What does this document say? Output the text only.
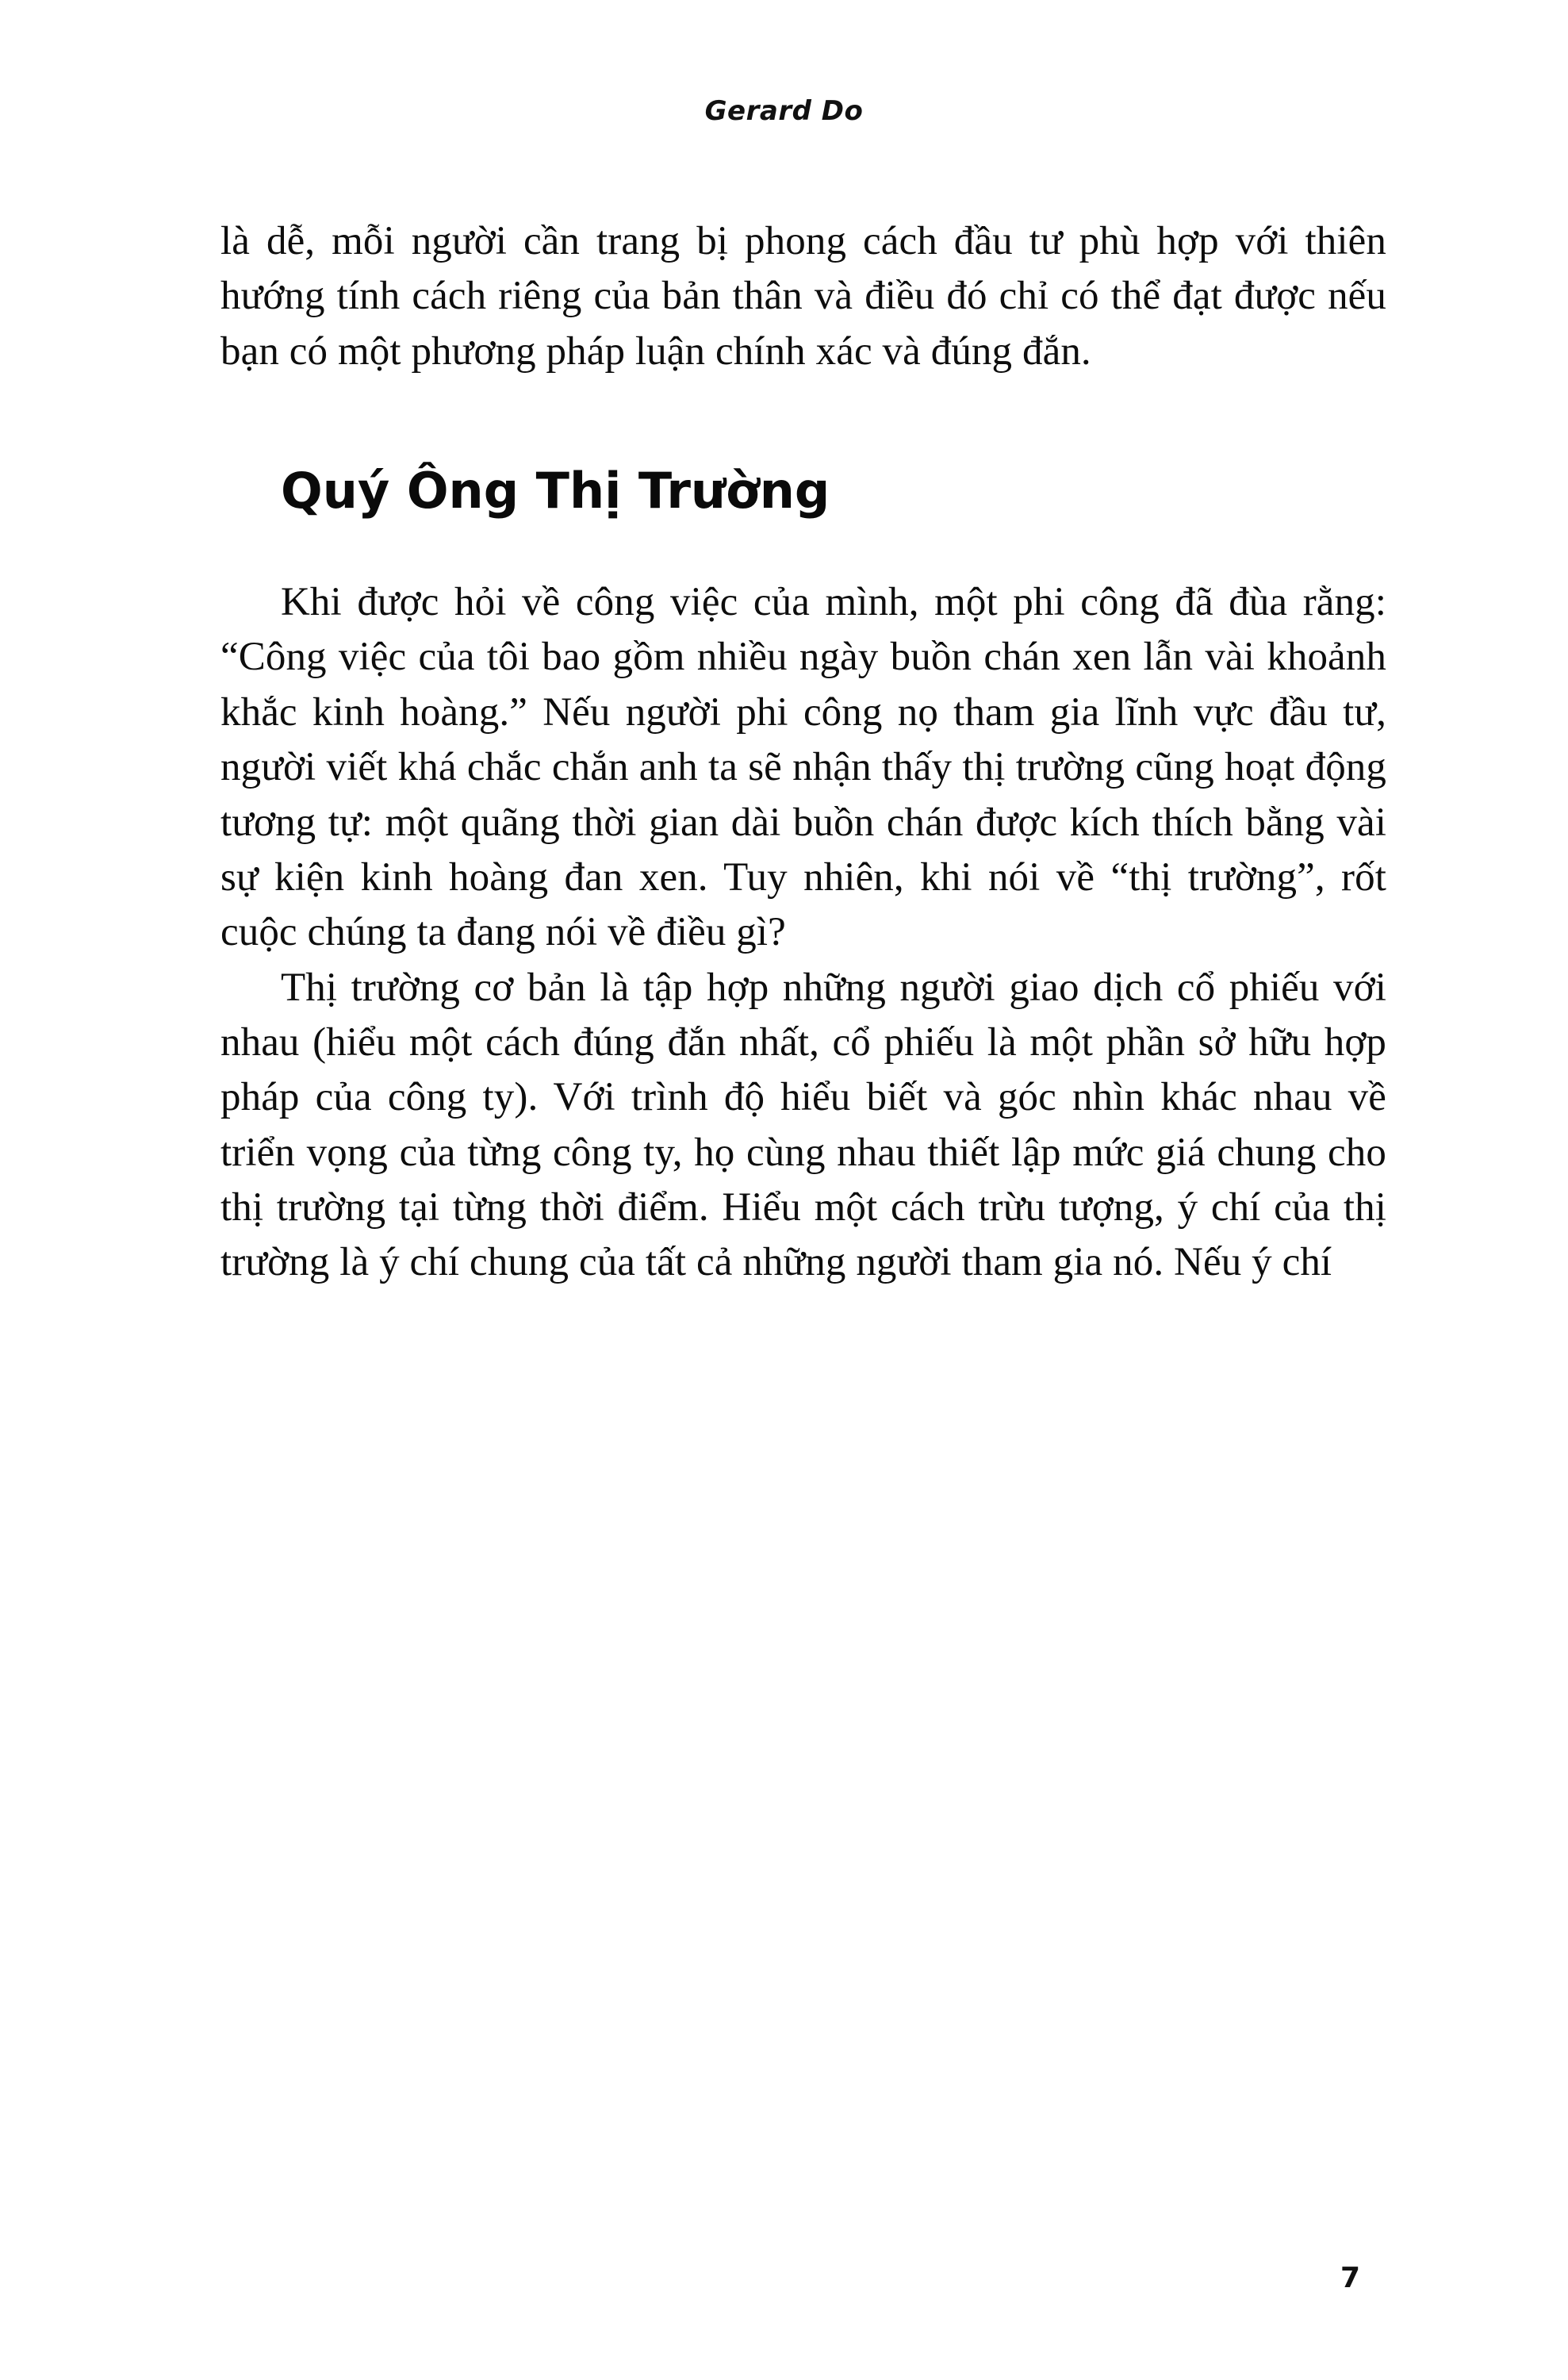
Gerard Do

là dễ, mỗi người cần trang bị phong cách đầu tư phù hợp với thiên hướng tính cách riêng của bản thân và điều đó chỉ có thể đạt được nếu bạn có một phương pháp luận chính xác và đúng đắn.

Quý Ông Thị Trường

Khi được hỏi về công việc của mình, một phi công đã đùa rằng: “Công việc của tôi bao gồm nhiều ngày buồn chán xen lẫn vài khoảnh khắc kinh hoàng.” Nếu người phi công nọ tham gia lĩnh vực đầu tư, người viết khá chắc chắn anh ta sẽ nhận thấy thị trường cũng hoạt động tương tự: một quãng thời gian dài buồn chán được kích thích bằng vài sự kiện kinh hoàng đan xen. Tuy nhiên, khi nói về “thị trường”, rốt cuộc chúng ta đang nói về điều gì?

Thị trường cơ bản là tập hợp những người giao dịch cổ phiếu với nhau (hiểu một cách đúng đắn nhất, cổ phiếu là một phần sở hữu hợp pháp của công ty). Với trình độ hiểu biết và góc nhìn khác nhau về triển vọng của từng công ty, họ cùng nhau thiết lập mức giá chung cho thị trường tại từng thời điểm. Hiểu một cách trừu tượng, ý chí của thị trường là ý chí chung của tất cả những người tham gia nó. Nếu ý chí

7
